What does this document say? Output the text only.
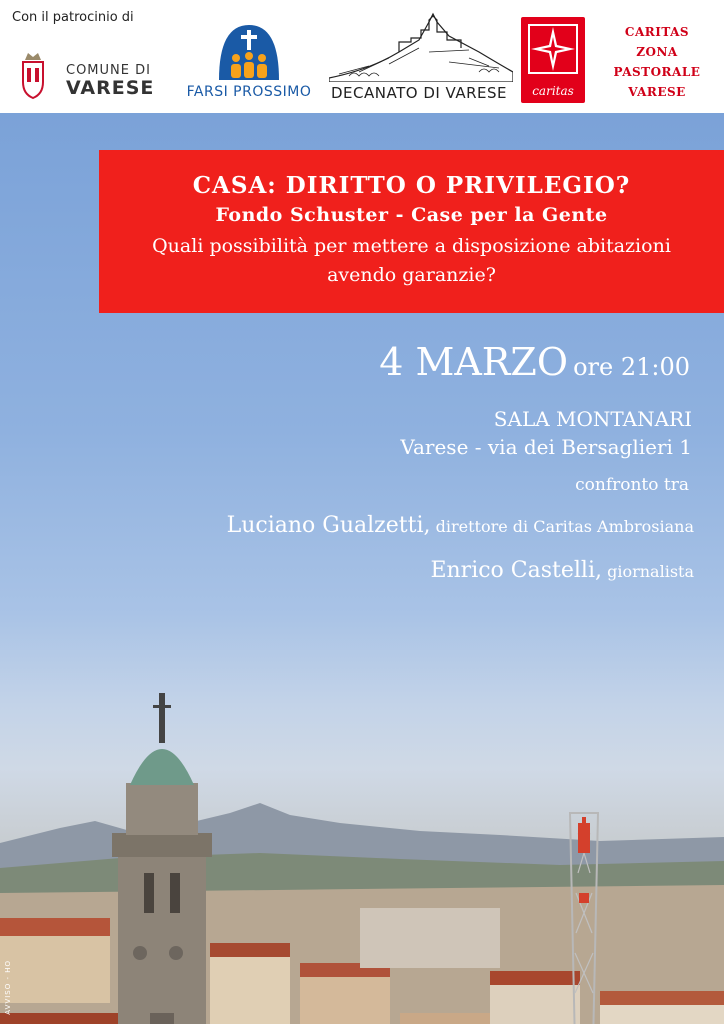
Con il patrocinio di
COMUNE DI
VARESE	FARSI PROSSIMO	DECANATO DI VARESE	caritas
CARITAS
ZONA PASTORALE
VARESE
CASA: DIRITTO O PRIVILEGIO?
Fondo Schuster - Case per la Gente
Quali possibilità per mettere a disposizione abitazioni
avendo garanzie?
4 MARZO ore 21:00
SALA MONTANARI
Varese - via dei Bersaglieri 1
confronto tra
Luciano Gualzetti, direttore di Caritas Ambrosiana
Enrico Castelli, giornalista
AVVISO - HO
